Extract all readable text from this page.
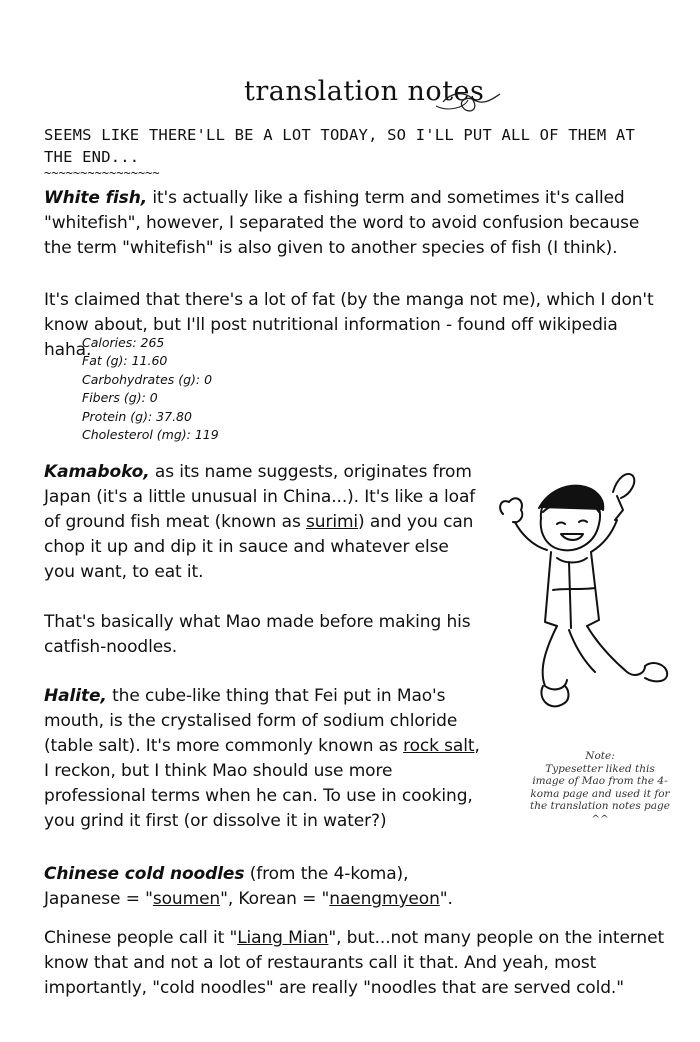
translation notes
SEEMS LIKE THERE'LL BE A LOT TODAY, SO I'LL PUT ALL OF THEM AT THE END...
~~~~~~~~~~~~~~~~
White fish, it's actually like a fishing term and sometimes it's called "whitefish", however, I separated the word to avoid confusion because the term "whitefish" is also given to another species of fish (I think).
It's claimed that there's a lot of fat (by the manga not me), which I don't know about, but I'll post nutritional information - found off wikipedia haha.
Calories: 265
Fat (g): 11.60
Carbohydrates (g): 0
Fibers (g): 0
Protein (g): 37.80
Cholesterol (mg): 119
Kamaboko, as its name suggests, originates from Japan (it's a little unusual in China...). It's like a loaf of ground fish meat (known as surimi) and you can chop it up and dip it in sauce and whatever else you want, to eat it.
That's basically what Mao made before making his catfish-noodles.
Halite, the cube-like thing that Fei put in Mao's mouth, is the crystalised form of sodium chloride (table salt). It's more commonly known as rock salt, I reckon, but I think Mao should use more professional terms when he can. To use in cooking, you grind it first (or dissolve it in water?)
Chinese cold noodles (from the 4-koma), Japanese = "soumen", Korean = "naengmyeon".
Chinese people call it "Liang Mian", but...not many people on the internet know that and not a lot of restaurants call it that. And yeah, most importantly, "cold noodles" are really "noodles that are served cold."
Note:
Typesetter liked this image of Mao from the 4-koma page and used it for the translation notes page
^^
